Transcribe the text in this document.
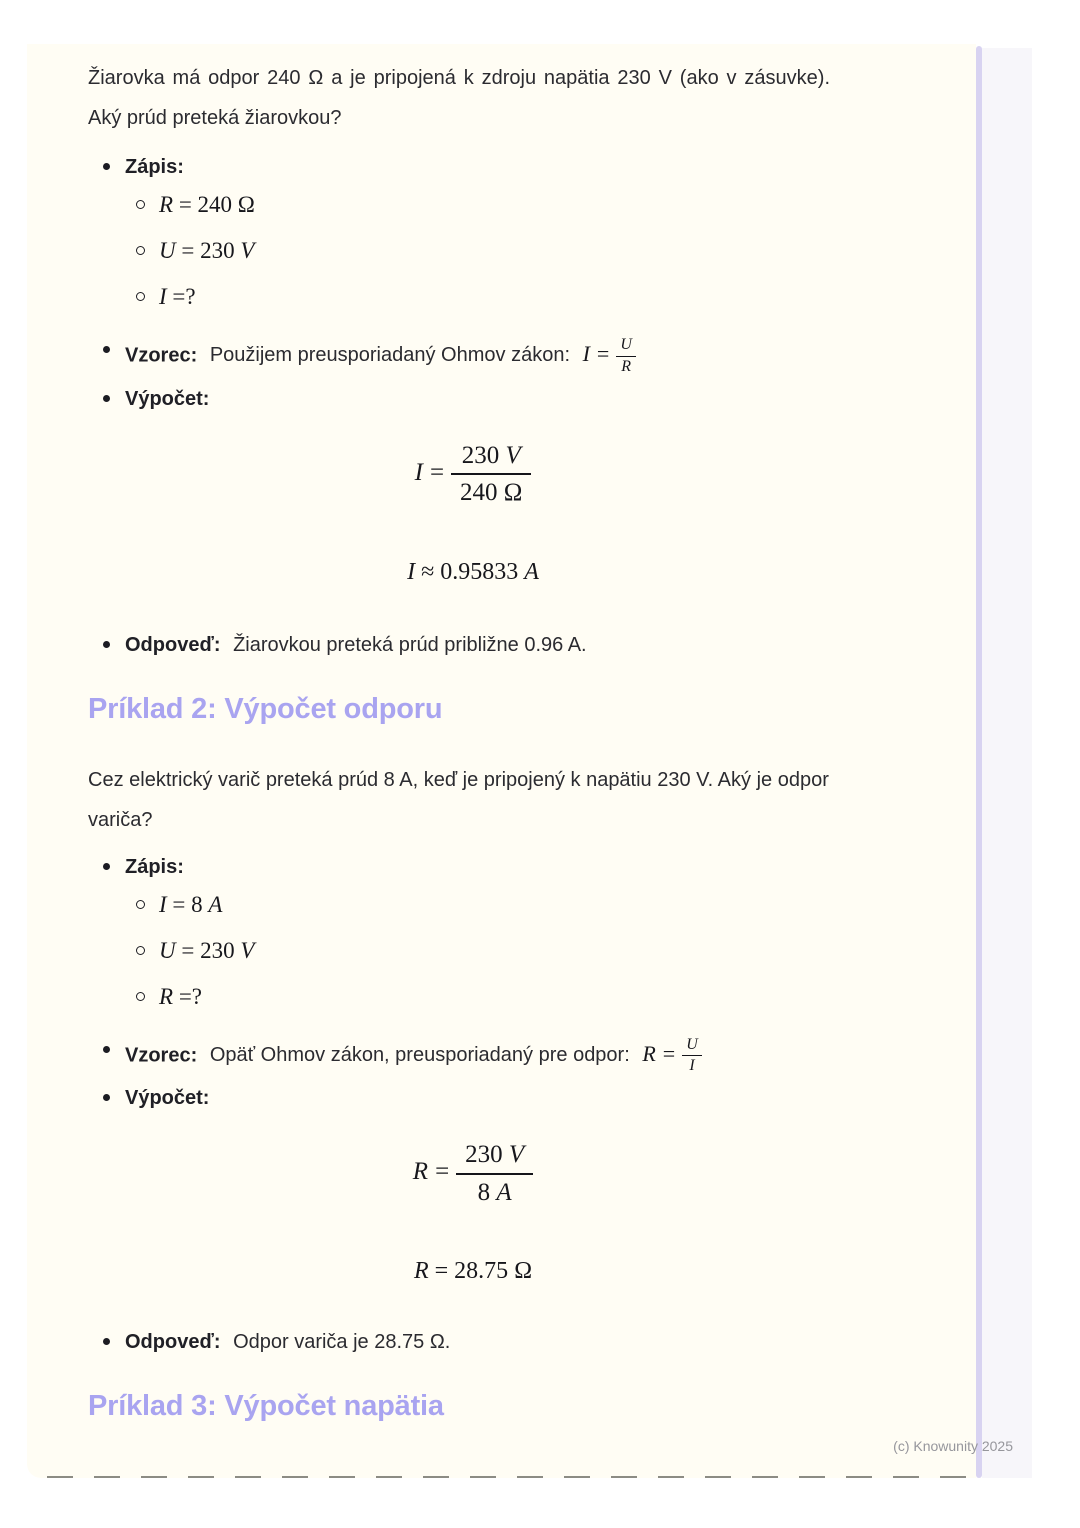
Žiarovka má odpor 240 Ω a je pripojená k zdroju napätia 230 V (ako v zásuvke). Aký prúd preteká žiarovkou?

Zápis:
R = 240 Ω
U = 230 V
I =?
Vzorec: Použijem preusporiadaný Ohmov zákon: $I = \frac{U}{R}$
Výpočet:
$I = \frac{230 V}{240 \Omega}$
I ≈ 0.95833 A
Odpoveď: Žiarovkou preteká prúd približne 0.96 A.
Príklad 2: Výpočet odporu

Cez elektrický varič preteká prúd 8 A, keď je pripojený k napätiu 230 V. Aký je odpor variča?

Zápis:
I = 8 A
U = 230 V
R =?
Vzorec: Opäť Ohmov zákon, preusporiadaný pre odpor: $R = \frac{U}{I}$
Výpočet:
$R = \frac{230 V}{8 A}$
R = 28.75 Ω
Odpoveď: Odpor variča je 28.75 Ω.
Príklad 3: Výpočet napätia
(c) Knowunity 2025
